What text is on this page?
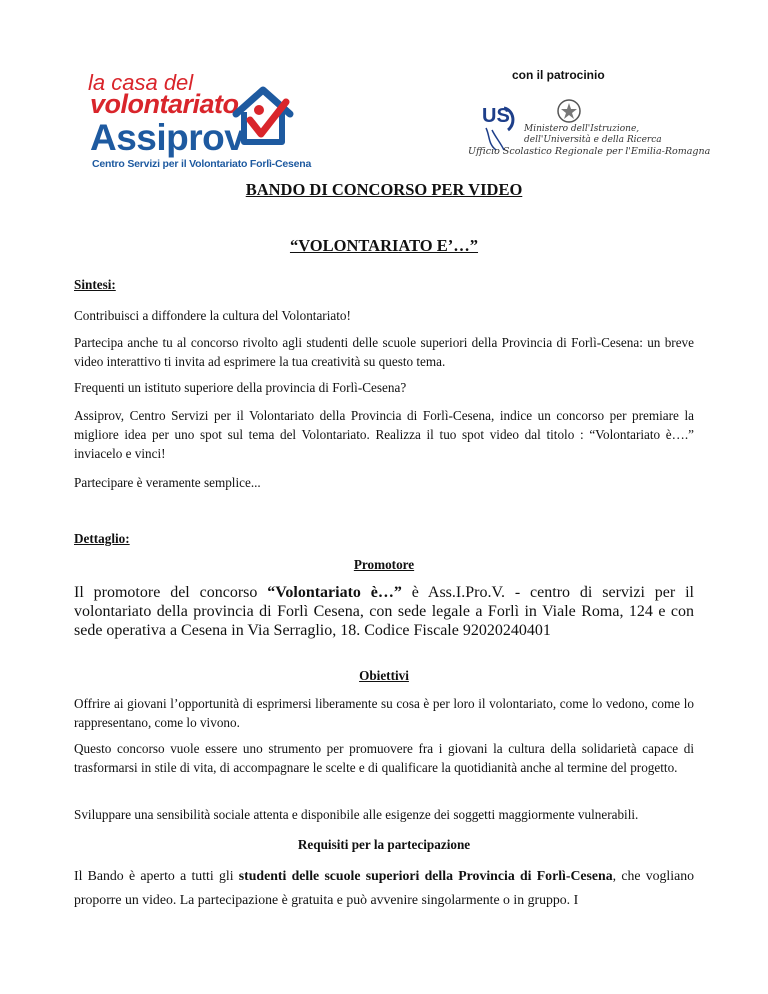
la casa del
volontariato
Assiprov
Centro Servizi per il Volontariato Forlì-Cesena
con il patrocinio
US
Ministero dell'Istruzione,
dell'Università e della Ricerca
Ufficio Scolastico Regionale per l'Emilia-Romagna
BANDO DI CONCORSO PER VIDEO
“VOLONTARIATO E’…”
Sintesi:
Contribuisci a diffondere la cultura del Volontariato!
Partecipa anche tu al concorso rivolto agli studenti delle scuole superiori della Provincia di Forlì-Cesena: un breve video interattivo ti invita ad esprimere la tua creatività su questo tema.
Frequenti un istituto superiore della provincia di Forlì-Cesena?
Assiprov, Centro Servizi per il Volontariato della Provincia di Forlì-Cesena, indice un concorso per premiare la migliore idea per uno spot sul tema del Volontariato. Realizza il tuo spot video dal titolo : “Volontariato è….” inviacelo e vinci!
Partecipare è veramente semplice...
Dettaglio:
Promotore
Il promotore del concorso “Volontariato è…” è Ass.I.Pro.V. - centro di servizi per il volontariato della provincia di Forlì Cesena, con sede legale a Forlì in Viale Roma, 124 e con sede operativa a Cesena in Via Serraglio, 18. Codice Fiscale 92020240401
Obiettivi
Offrire ai giovani l’opportunità di esprimersi liberamente su cosa è per loro il volontariato, come lo vedono, come lo rappresentano, come lo vivono.
Questo concorso vuole essere uno strumento per promuovere fra i giovani la cultura della solidarietà capace di trasformarsi in stile di vita, di accompagnare le scelte e di qualificare la quotidianità anche al termine del progetto.
Sviluppare una sensibilità sociale attenta e disponibile alle esigenze dei soggetti maggiormente vulnerabili.
Requisiti per la partecipazione
Il Bando è aperto a tutti gli studenti delle scuole superiori della Provincia di Forlì-Cesena, che vogliano proporre un video. La partecipazione è gratuita e può avvenire singolarmente o in gruppo. I
